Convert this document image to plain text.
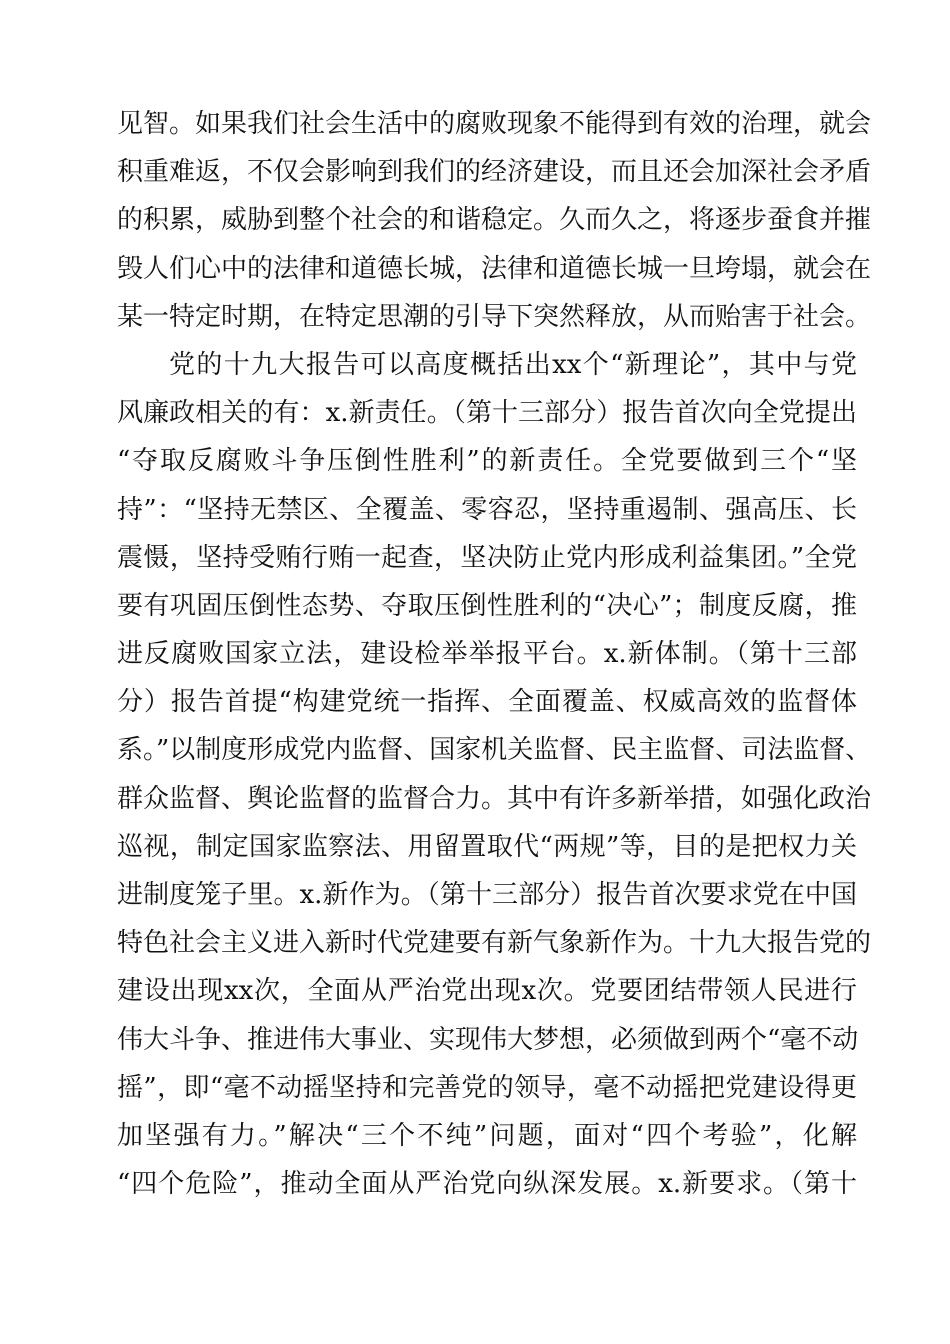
见智。如果我们社会生活中的腐败现象不能得到有效的治理，就会
积重难返，不仅会影响到我们的经济建设，而且还会加深社会矛盾
的积累，威胁到整个社会的和谐稳定。久而久之，将逐步蚕食并摧
毁人们心中的法律和道德长城，法律和道德长城一旦垮塌，就会在
某一特定时期，在特定思潮的引导下突然释放，从而贻害于社会。
党的十九大报告可以高度概括出xx个“新理论”，其中与党
风廉政相关的有：x.新责任。（第十三部分）报告首次向全党提出
“夺取反腐败斗争压倒性胜利”的新责任。全党要做到三个“坚
持”：“坚持无禁区、全覆盖、零容忍，坚持重遏制、强高压、长
震慑，坚持受贿行贿一起查，坚决防止党内形成利益集团。”全党
要有巩固压倒性态势、夺取压倒性胜利的“决心”；制度反腐，推
进反腐败国家立法，建设检举举报平台。x.新体制。（第十三部
分）报告首提“构建党统一指挥、全面覆盖、权威高效的监督体
系。”以制度形成党内监督、国家机关监督、民主监督、司法监督、
群众监督、舆论监督的监督合力。其中有许多新举措，如强化政治
巡视，制定国家监察法、用留置取代“两规”等，目的是把权力关
进制度笼子里。x.新作为。（第十三部分）报告首次要求党在中国
特色社会主义进入新时代党建要有新气象新作为。十九大报告党的
建设出现xx次，全面从严治党出现x次。党要团结带领人民进行
伟大斗争、推进伟大事业、实现伟大梦想，必须做到两个“毫不动
摇”，即“毫不动摇坚持和完善党的领导，毫不动摇把党建设得更
加坚强有力。”解决“三个不纯”问题，面对“四个考验”，化解
“四个危险”，推动全面从严治党向纵深发展。x.新要求。（第十
